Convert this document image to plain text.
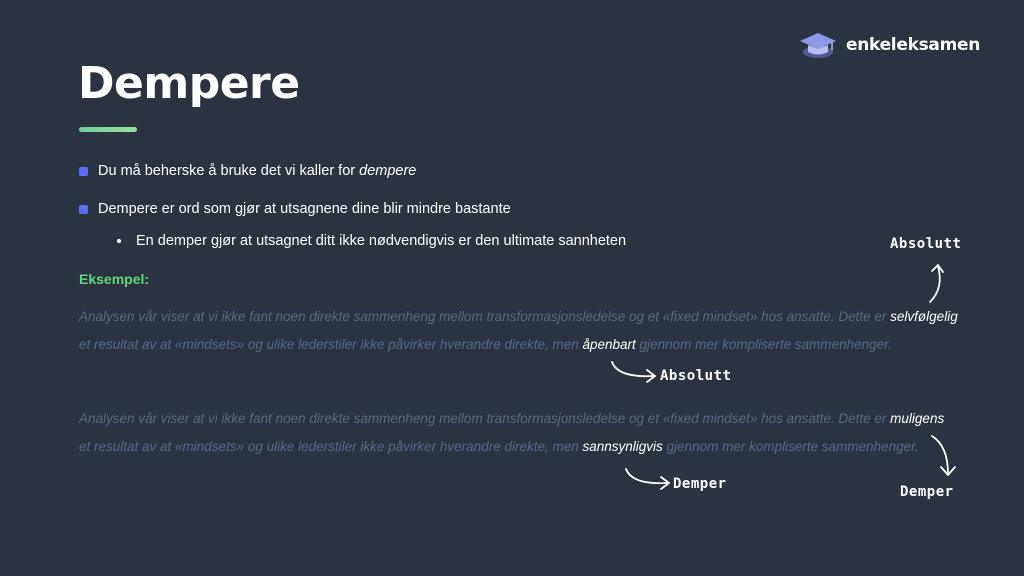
enkeleksamen
Dempere
Du må beherske å bruke det vi kaller for dempere
Dempere er ord som gjør at utsagnene dine blir mindre bastante
En demper gjør at utsagnet ditt ikke nødvendigvis er den ultimate sannheten
Eksempel:
Analysen vår viser at vi ikke fant noen direkte sammenheng mellom transformasjonsledelse og et «fixed mindset» hos ansatte. Dette er selvfølgelig
et resultat av at «mindsets» og ulike lederstiler ikke påvirker hverandre direkte, men åpenbart gjennom mer kompliserte sammenhenger.
Analysen vår viser at vi ikke fant noen direkte sammenheng mellom transformasjonsledelse og et «fixed mindset» hos ansatte. Dette er muligens
et resultat av at «mindsets» og ulike lederstiler ikke påvirker hverandre direkte, men sannsynligvis gjennom mer kompliserte sammenhenger.
Absolutt
Absolutt
Demper	Demper
